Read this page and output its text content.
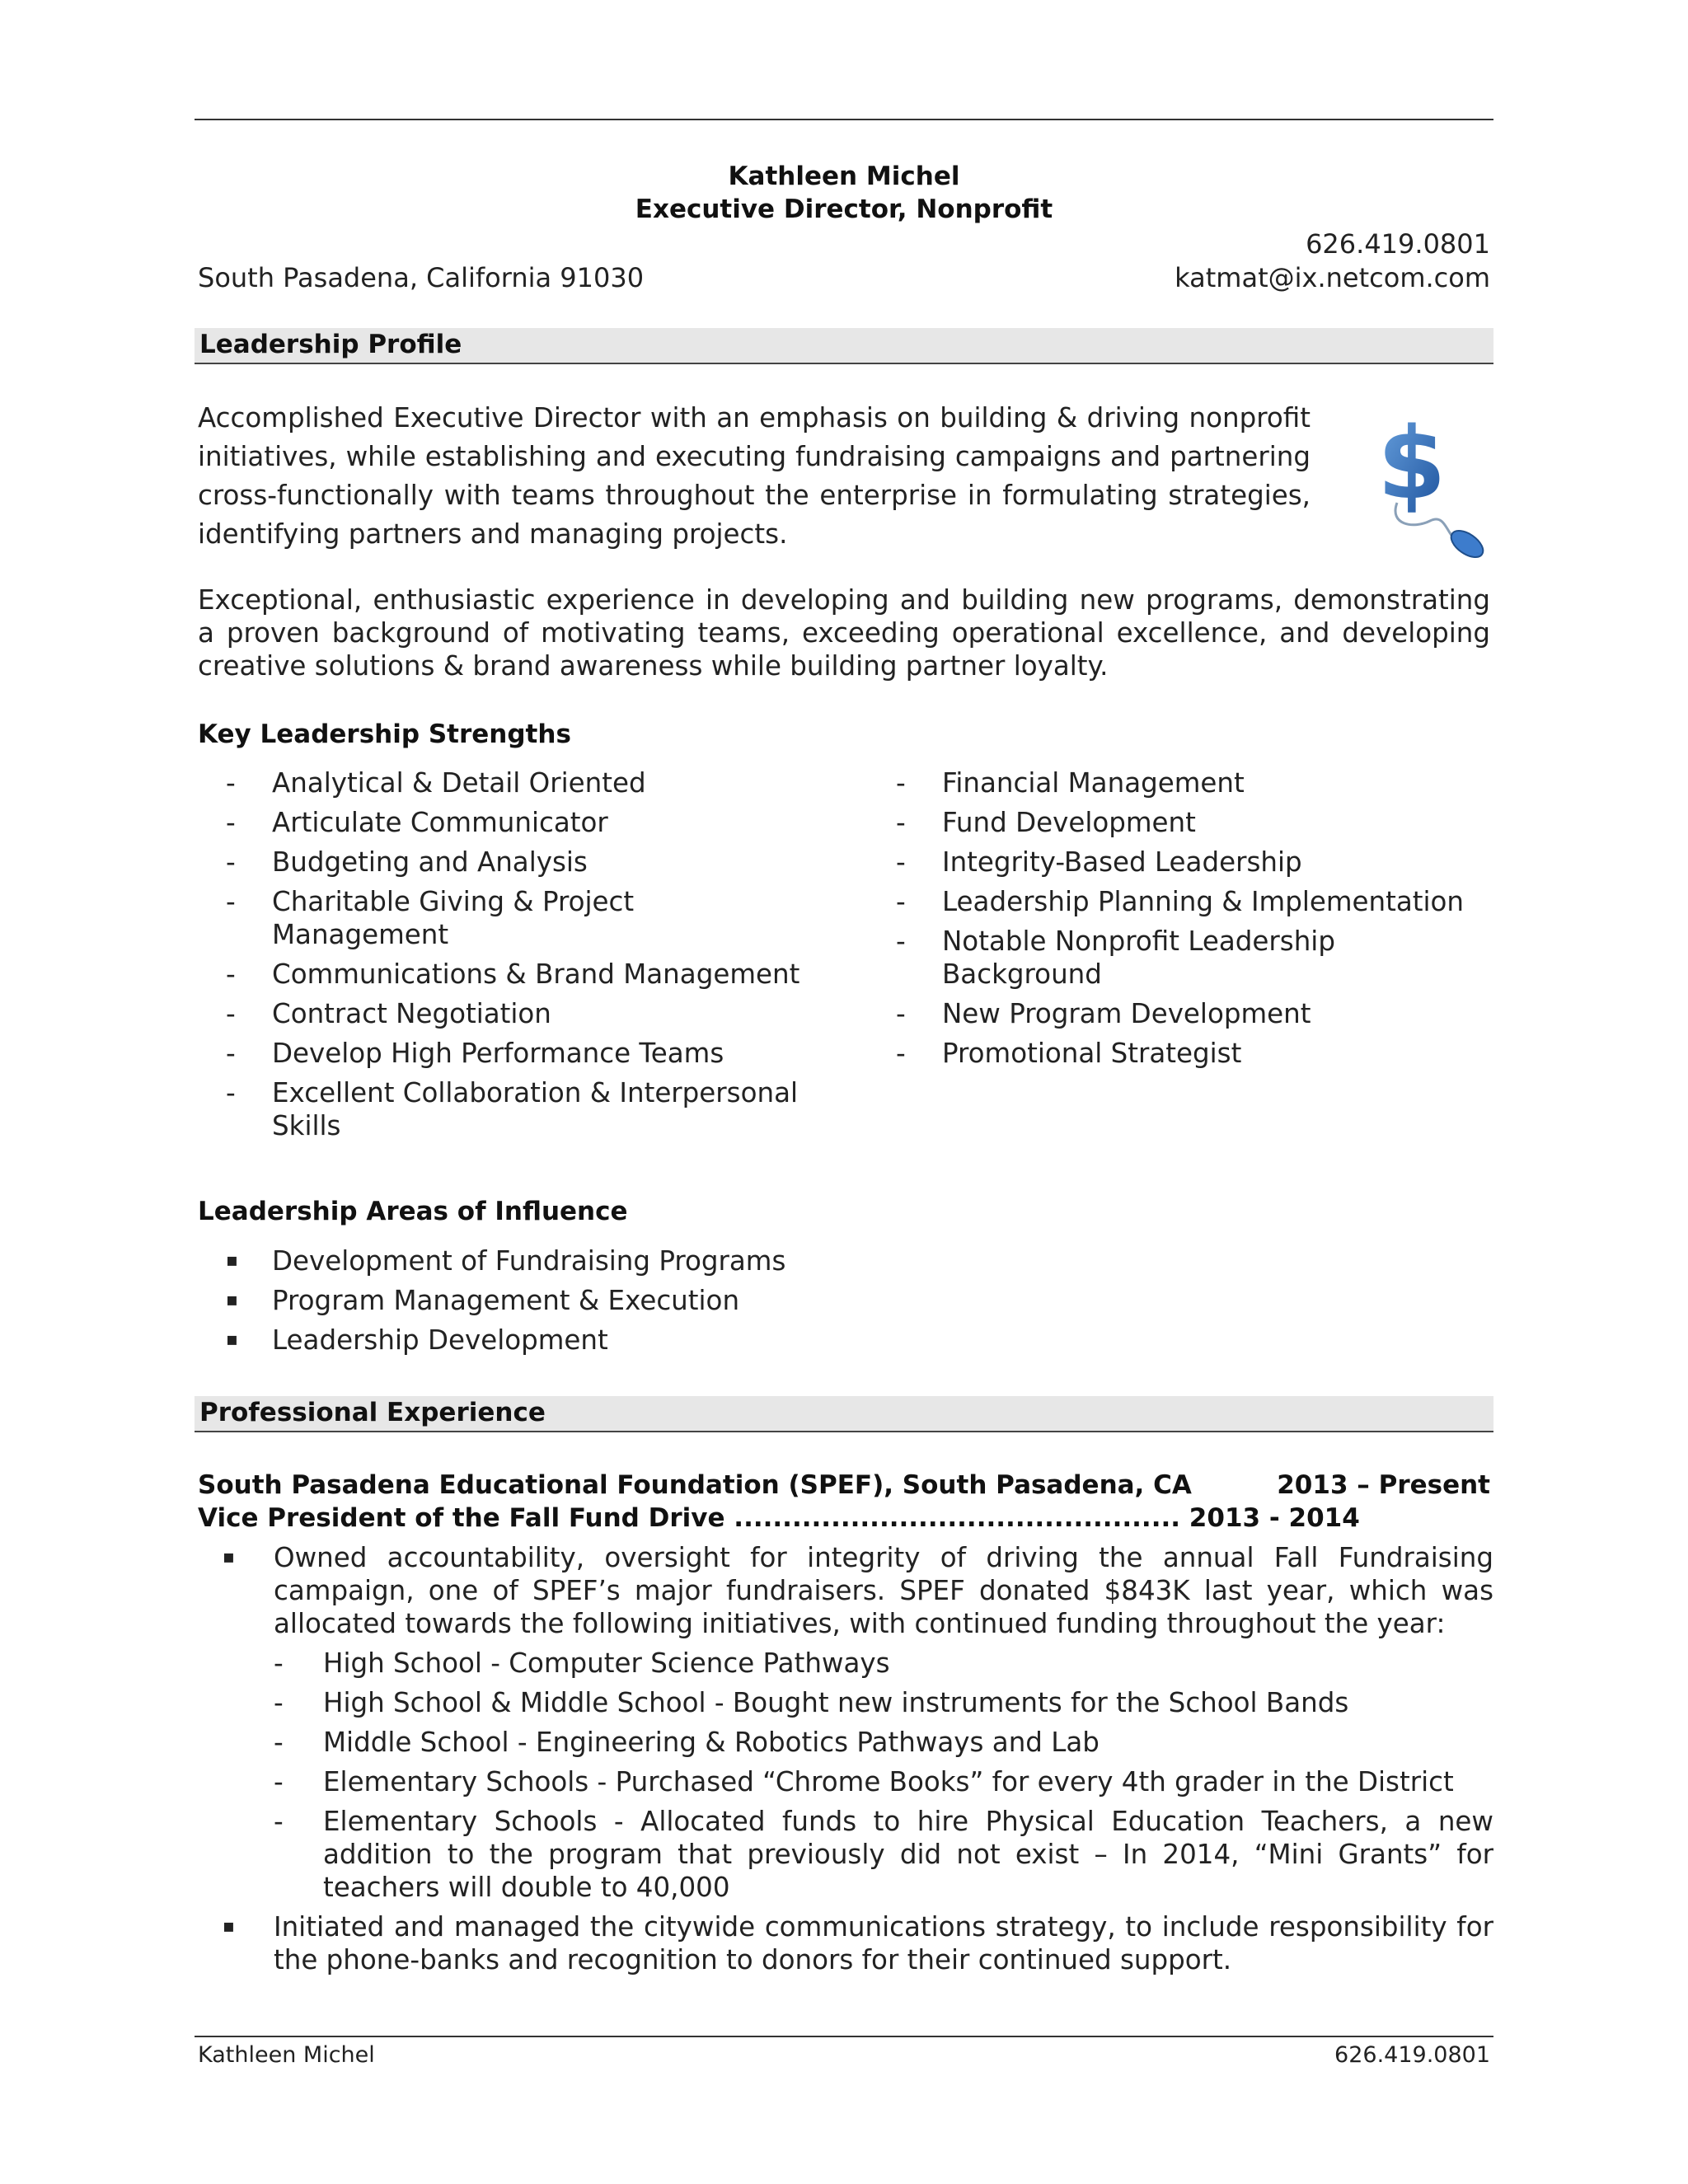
Kathleen Michel
Executive Director, Nonprofit
626.419.0801
South Pasadena, California 91030	katmat@ix.netcom.com
Leadership Profile
Accomplished Executive Director with an emphasis on building & driving nonprofit initiatives, while establishing and executing fundraising campaigns and partnering cross-functionally with teams throughout the enterprise in formulating strategies, identifying partners and managing projects.
$
Exceptional, enthusiastic experience in developing and building new programs, demonstrating a proven background of motivating teams, exceeding operational excellence, and developing creative solutions & brand awareness while building partner loyalty.
Key Leadership Strengths
- Analytical & Detail Oriented
- Articulate Communicator
- Budgeting and Analysis
- Charitable Giving & Project Management
- Communications & Brand Management
- Contract Negotiation
- Develop High Performance Teams
- Excellent Collaboration & Interpersonal Skills
- Financial Management
- Fund Development
- Integrity-Based Leadership
- Leadership Planning & Implementation
- Notable Nonprofit Leadership Background
- New Program Development
- Promotional Strategist
Leadership Areas of Influence
▪ Development of Fundraising Programs
▪ Program Management & Execution
▪ Leadership Development
Professional Experience
South Pasadena Educational Foundation (SPEF), South Pasadena, CA	2013 – Present
Vice President of the Fall Fund Drive .............................................. 2013 - 2014
▪ Owned accountability, oversight for integrity of driving the annual Fall Fundraising campaign, one of SPEF’s major fundraisers. SPEF donated $843K last year, which was allocated towards the following initiatives, with continued funding throughout the year:
- High School - Computer Science Pathways
- High School & Middle School - Bought new instruments for the School Bands
- Middle School - Engineering & Robotics Pathways and Lab
- Elementary Schools - Purchased “Chrome Books” for every 4th grader in the District
- Elementary Schools - Allocated funds to hire Physical Education Teachers, a new addition to the program that previously did not exist – In 2014, “Mini Grants” for teachers will double to 40,000
▪ Initiated and managed the citywide communications strategy, to include responsibility for the phone-banks and recognition to donors for their continued support.
Kathleen Michel	626.419.0801
